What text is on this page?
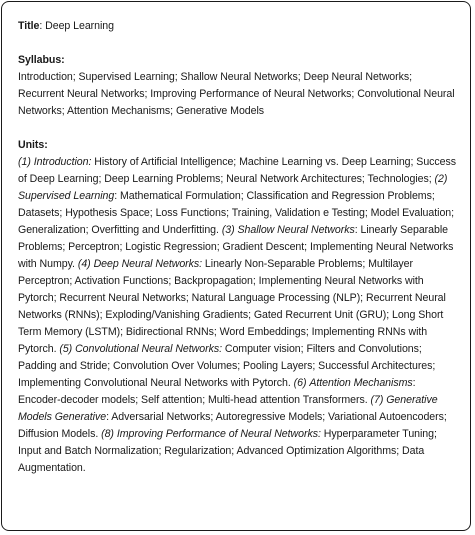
Title: Deep Learning

Syllabus:

Introduction; Supervised Learning; Shallow Neural Networks; Deep Neural Networks; Recurrent Neural Networks; Improving Performance of Neural Networks; Convolutional Neural Networks; Attention Mechanisms; Generative Models

Units:

(1) Introduction: History of Artificial Intelligence; Machine Learning vs. Deep Learning; Success of Deep Learning; Deep Learning Problems; Neural Network Architectures; Technologies; (2) Supervised Learning: Mathematical Formulation; Classification and Regression Problems; Datasets; Hypothesis Space; Loss Functions; Training, Validation e Testing; Model Evaluation; Generalization; Overfitting and Underfitting. (3) Shallow Neural Networks: Linearly Separable Problems; Perceptron; Logistic Regression; Gradient Descent; Implementing Neural Networks with Numpy. (4) Deep Neural Networks: Linearly Non-Separable Problems; Multilayer Perceptron; Activation Functions; Backpropagation; Implementing Neural Networks with Pytorch; Recurrent Neural Networks; Natural Language Processing (NLP); Recurrent Neural Networks (RNNs); Exploding/Vanishing Gradients; Gated Recurrent Unit (GRU); Long Short Term Memory (LSTM); Bidirectional RNNs; Word Embeddings; Implementing RNNs with Pytorch. (5) Convolutional Neural Networks: Computer vision; Filters and Convolutions; Padding and Stride; Convolution Over Volumes; Pooling Layers; Successful Architectures; Implementing Convolutional Neural Networks with Pytorch. (6) Attention Mechanisms: Encoder-decoder models; Self attention; Multi-head attention Transformers. (7) Generative Models Generative: Adversarial Networks; Autoregressive Models; Variational Autoencoders; Diffusion Models. (8) Improving Performance of Neural Networks: Hyperparameter Tuning; Input and Batch Normalization; Regularization; Advanced Optimization Algorithms; Data Augmentation.
